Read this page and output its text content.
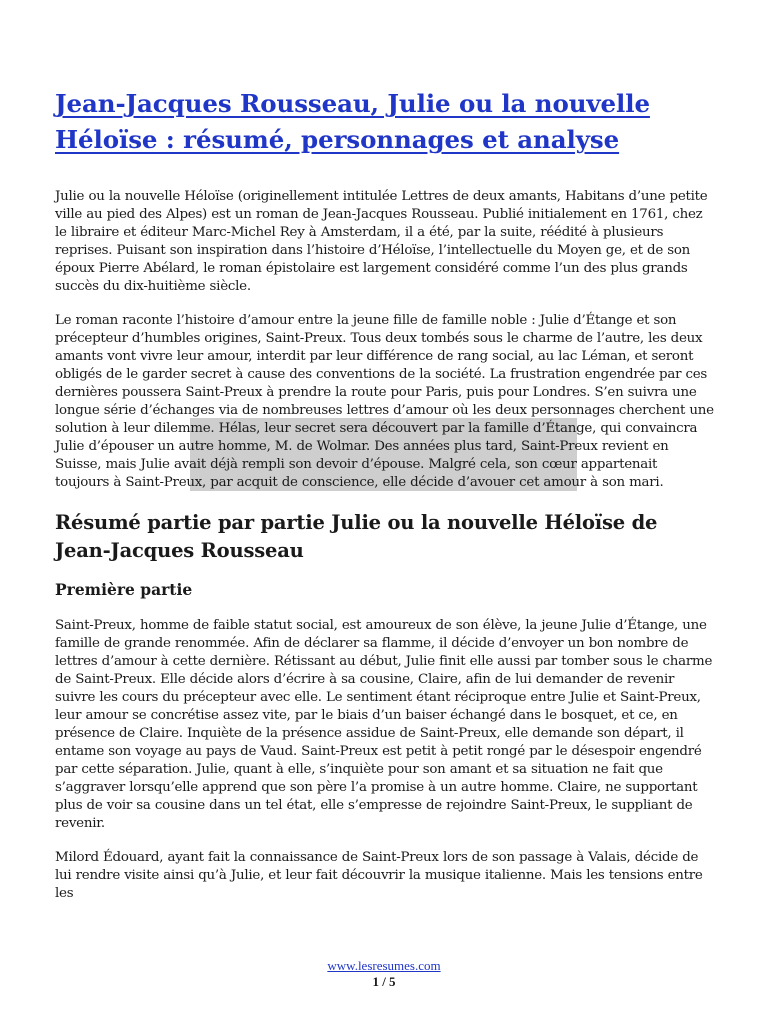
Jean-Jacques Rousseau, Julie ou la nouvelle Héloïse : résumé, personnages et analyse

Julie ou la nouvelle Héloïse (originellement intitulée Lettres de deux amants, Habitans d’une petite ville au pied des Alpes) est un roman de Jean-Jacques Rousseau. Publié initialement en 1761, chez le libraire et éditeur Marc-Michel Rey à Amsterdam, il a été, par la suite, réédité à plusieurs reprises. Puisant son inspiration dans l’histoire d’Héloïse, l’intellectuelle du Moyen ge, et de son époux Pierre Abélard, le roman épistolaire est largement considéré comme l’un des plus grands succès du dix-huitième siècle.

Le roman raconte l’histoire d’amour entre la jeune fille de famille noble : Julie d’Étange et son précepteur d’humbles origines, Saint-Preux. Tous deux tombés sous le charme de l’autre, les deux amants vont vivre leur amour, interdit par leur différence de rang social, au lac Léman, et seront obligés de le garder secret à cause des conventions de la société. La frustration engendrée par ces dernières poussera Saint-Preux à prendre la route pour Paris, puis pour Londres. S’en suivra une longue série d’échanges via de nombreuses lettres d’amour où les deux personnages cherchent une solution à leur dilemme. Hélas, leur secret sera découvert par la famille d’Étange, qui convaincra Julie d’épouser un autre homme, M. de Wolmar. Des années plus tard, Saint-Preux revient en Suisse, mais Julie avait déjà rempli son devoir d’épouse. Malgré cela, son cœur appartenait toujours à Saint-Preux, par acquit de conscience, elle décide d’avouer cet amour à son mari.

Résumé partie par partie Julie ou la nouvelle Héloïse de Jean-Jacques Rousseau
Première partie

Saint-Preux, homme de faible statut social, est amoureux de son élève, la jeune Julie d’Étange, une famille de grande renommée. Afin de déclarer sa flamme, il décide d’envoyer un bon nombre de lettres d’amour à cette dernière. Rétissant au début, Julie finit elle aussi par tomber sous le charme de Saint-Preux. Elle décide alors d’écrire à sa cousine, Claire, afin de lui demander de revenir suivre les cours du précepteur avec elle. Le sentiment étant réciproque entre Julie et Saint-Preux, leur amour se concrétise assez vite, par le biais d’un baiser échangé dans le bosquet, et ce, en présence de Claire. Inquiète de la présence assidue de Saint-Preux, elle demande son départ, il entame son voyage au pays de Vaud. Saint-Preux est petit à petit rongé par le désespoir engendré par cette séparation. Julie, quant à elle, s’inquiète pour son amant et sa situation ne fait que s’aggraver lorsqu’elle apprend que son père l’a promise à un autre homme. Claire, ne supportant plus de voir sa cousine dans un tel état, elle s’empresse de rejoindre Saint-Preux, le suppliant de revenir.

Milord Édouard, ayant fait la connaissance de Saint-Preux lors de son passage à Valais, décide de lui rendre visite ainsi qu’à Julie, et leur fait découvrir la musique italienne. Mais les tensions entre les

www.lesresumes.com
1 / 5
